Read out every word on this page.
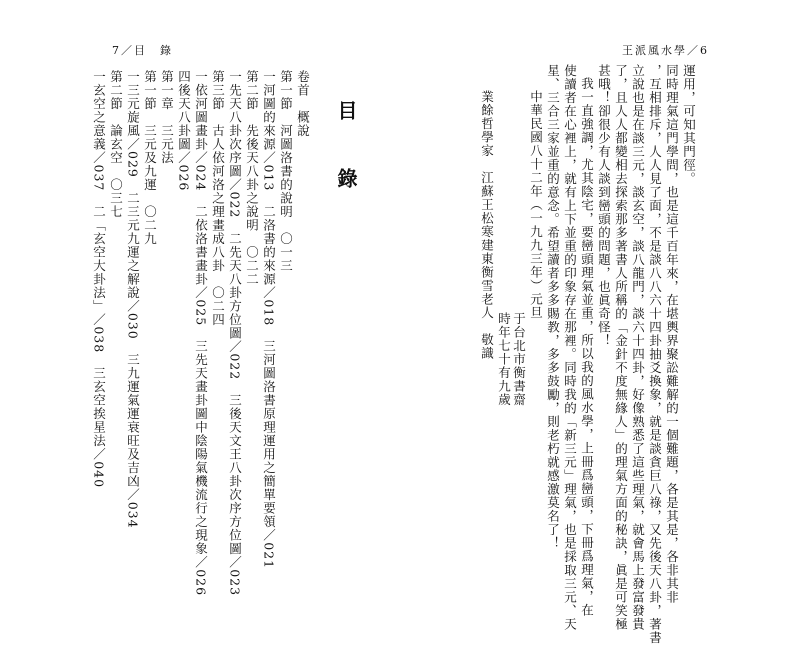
7／目　錄	王派風水學／6
運用，可知其門徑。
同時理氣這門學問，也是這千百年來，在堪輿界聚訟難解的一個難題，各是其是，各非其非
，互相排斥，人人見了面，不是談八八六十四卦抽爻換象，就是談貪巨八祿，又先後天八卦，著書
立說也是在談三元，談玄空，談八龍門，談六十四卦，好像熟悉了這些理氣，就會馬上發富發貴
了，且人人都變相去探索那多著書人所稱的「金針不度無緣人」的理氣方面的秘訣，眞是可笑極
甚哦！卻很少有人談到巒頭的問題，也眞奇怪！
我一直強調，尤其陰宅，要巒頭理氣並重，所以我的風水學，上冊爲巒頭，下冊爲理氣，在
使讀者在心裡上，就有上下並重的印象存在那裡。同時我的「新三元」理氣，也是採取三元、天
星、三合三家並重的意念。希望讀者多多賜教，多多鼓勵，則老朽就感激莫名了！
中華民國八十二年（一九九三年）元旦
于台北市衡書齋
時年七十有九歲
業餘哲學家　江蘇王松寒建東衡雪老人　敬識
目　錄
卷首　概說
第一節　河圖洛書的說明　〇一三
一河圖的來源／013　二洛書的來源／018　三河圖洛書原理運用之簡單要領／021
第二節　先後天八卦之說明　〇二二
一先天八卦次序圖／022　二先天八卦方位圖／022　三後天文王八卦次序方位圖／023
第三節　古人依河洛之理畫成八卦　〇二四
一依河圖畫卦／024　二依洛書畫卦／025　三先天畫卦圖中陰陽氣機流行之現象／026
四後天八卦圖／026
第一章　三元法
第一節　三元及九運　〇二九
一三元旋風／029　二三元九運之解說／030　三九運氣運衰旺及吉凶／034
第二節　論玄空　〇三七
一玄空之意義／037　二「玄空大卦法」／038　三玄空挨星法／040
